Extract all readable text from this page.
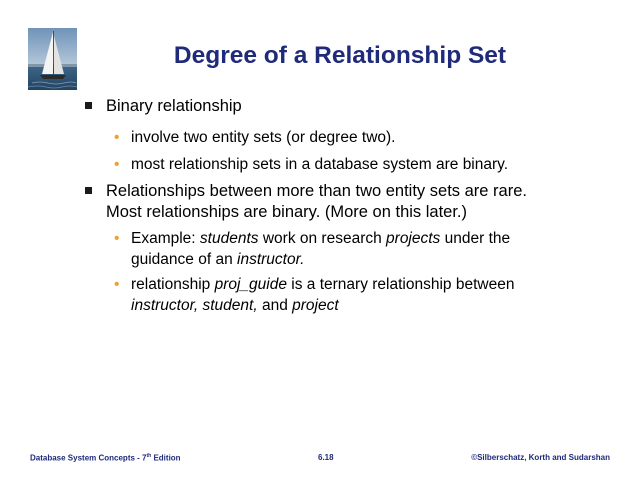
Degree of a Relationship Set
Binary relationship
• involve two entity sets (or degree two).
• most relationship sets in a database system are binary.
Relationships between more than two entity sets are rare.
Most relationships are binary. (More on this later.)
• Example: students work on research projects under the
guidance of an instructor.
• relationship proj_guide is a ternary relationship between
instructor, student, and project
Database System Concepts - 7th Edition	6.18	©Silberschatz, Korth and Sudarshan
